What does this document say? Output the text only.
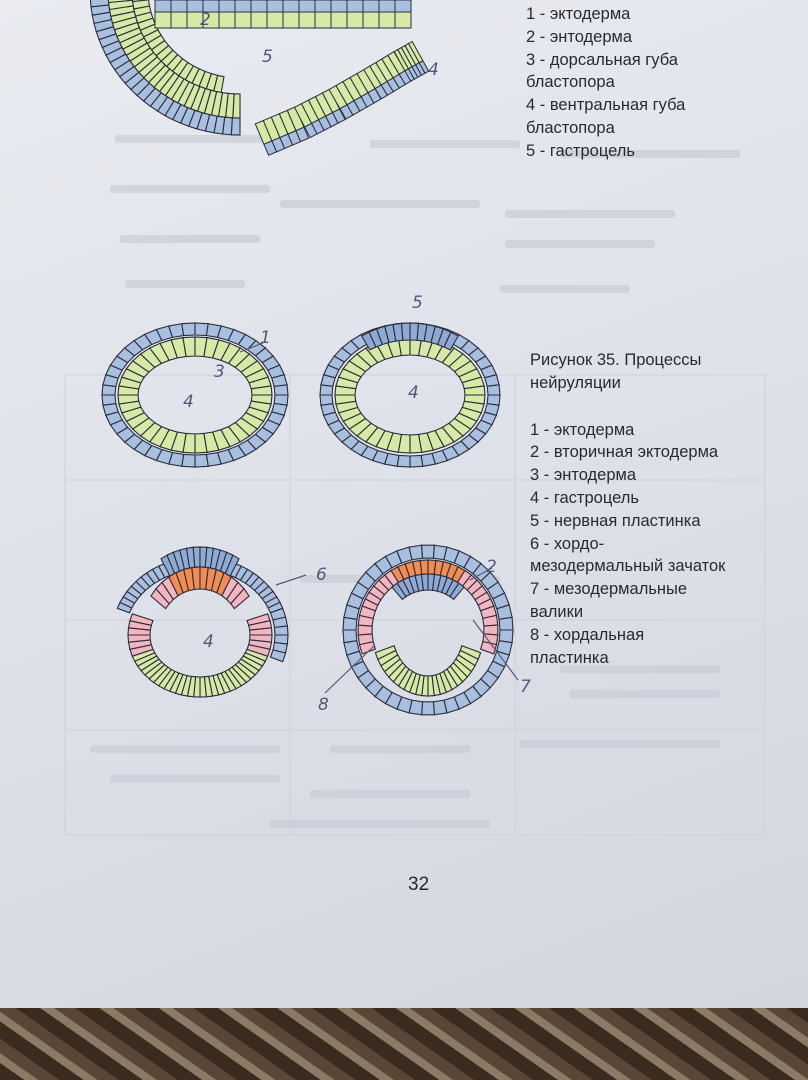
2
5
4
1
3
4
5
4
6
4
2
8
7
1 - эктодерма
2 - энтодерма
3 - дорсальная губа
бластопора
4 - вентральная губа
бластопора
5 - гастроцель
Рисунок 35. Процессы
нейруляции
1 - эктодерма
2 - вторичная эктодерма
3 - энтодерма
4 - гастроцель
5 - нервная пластинка
6 - хордо-
мезодермальный зачаток
7 - мезодермальные
валики
8 - хордальная
пластинка
32
